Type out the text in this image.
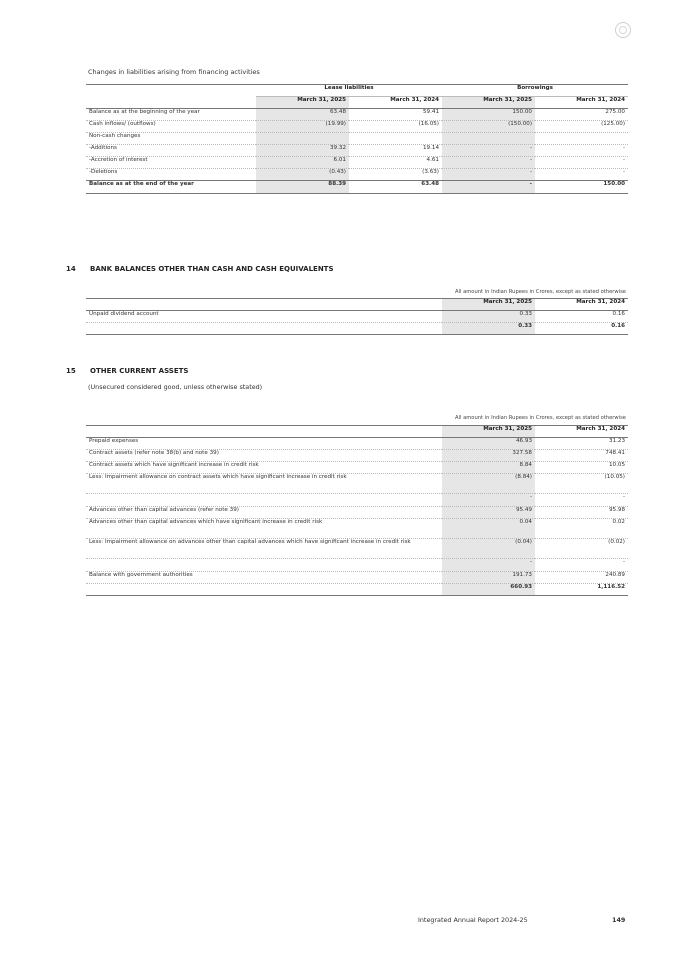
Changes in liabilities arising from financing activities
	Lease liabilities		Borrowings	
	March 31, 2025	March 31, 2024	March 31, 2025	March 31, 2024
Balance as at the beginning of the year	63.48	59.41	150.00	275.00
Cash inflows/ (outflows)	(19.99)	(16.05)	(150.00)	(125.00)
Non-cash changes				
-Additions	39.32	19.14	-	-
-Accretion of interest	6.01	4.61	-	-
-Deletions	(0.43)	(3.63)	-	-
Balance as at the end of the year	88.39	63.48	-	150.00
14 BANK BALANCES OTHER THAN CASH AND CASH EQUIVALENTS
All amount in Indian Rupees in Crores, except as stated otherwise
	March 31, 2025	March 31, 2024
Unpaid dividend account	0.33	0.16
	0.33	0.16
15 OTHER CURRENT ASSETS
(Unsecured considered good, unless otherwise stated)
All amount in Indian Rupees in Crores, except as stated otherwise
	March 31, 2025	March 31, 2024
Prepaid expenses	46.93	31.23
Contract assets (refer note 38(b) and note 39)	327.58	748.41
Contract assets which have significant increase in credit risk	8.84	10.05
Less: Impairment allowance on contract assets which have significant increase in credit risk	(8.84)	(10.05)
	-	-
Advances other than capital advances (refer note 39)	95.49	95.98
Advances other than capital advances which have significant increase in credit risk	0.04	0.02
Less: Impairment allowance on advances other than capital advances which have significant increase in credit risk	(0.04)	(0.02)
	-	-
Balance with government authorities	191.73	240.89
	660.93	1,116.52
Integrated Annual Report 2024-25	149
